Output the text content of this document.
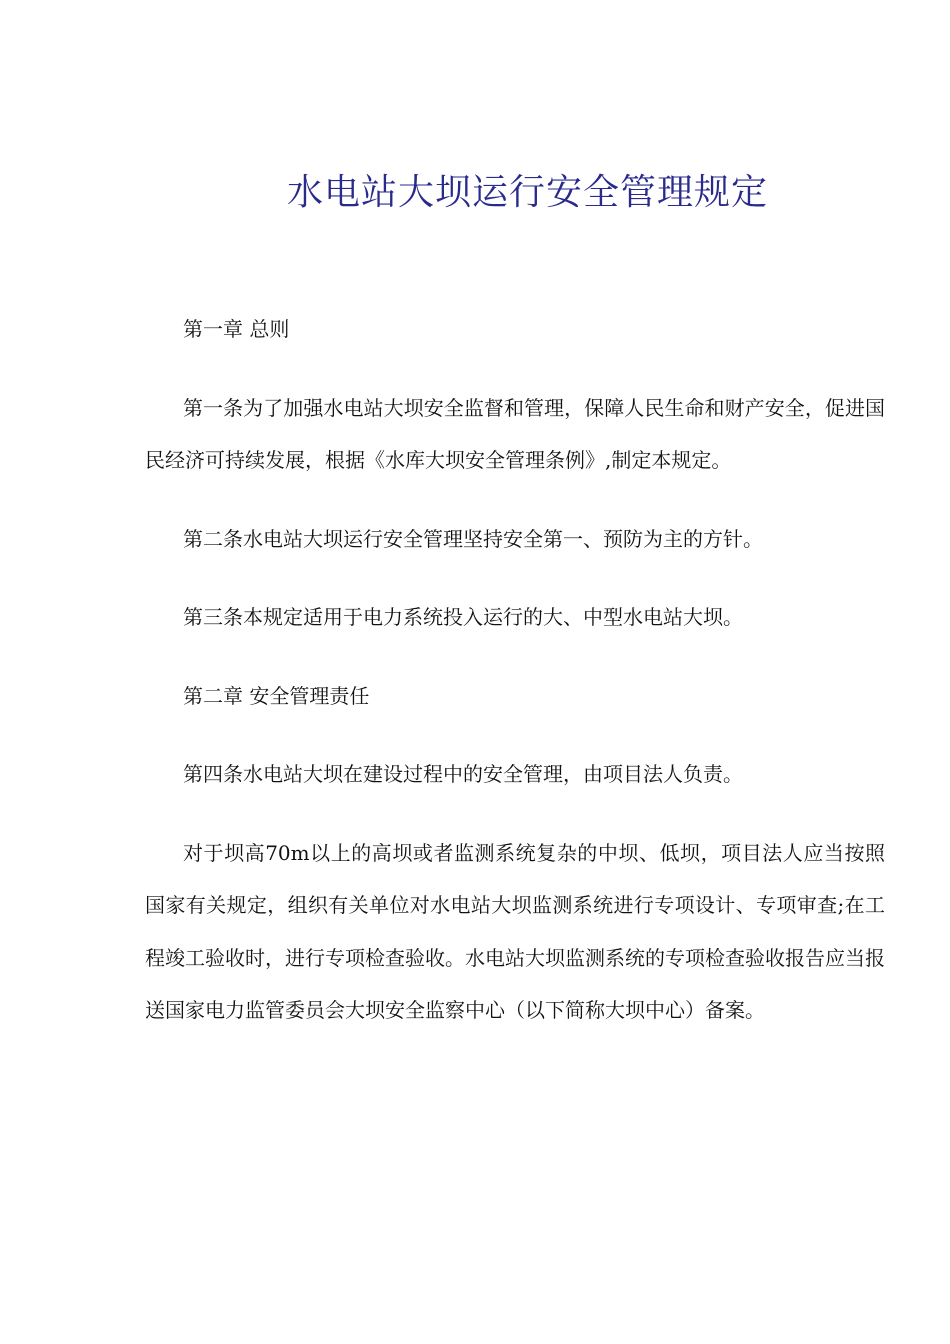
水电站大坝运行安全管理规定

第一章 总则

第一条为了加强水电站大坝安全监督和管理，保障人民生命和财产安全，促进国民经济可持续发展，根据《水库大坝安全管理条例》,制定本规定。

第二条水电站大坝运行安全管理坚持安全第一、预防为主的方针。

第三条本规定适用于电力系统投入运行的大、中型水电站大坝。

第二章 安全管理责任

第四条水电站大坝在建设过程中的安全管理，由项目法人负责。

对于坝高70m以上的高坝或者监测系统复杂的中坝、低坝，项目法人应当按照国家有关规定，组织有关单位对水电站大坝监测系统进行专项设计、专项审查;在工程竣工验收时，进行专项检查验收。水电站大坝监测系统的专项检查验收报告应当报送国家电力监管委员会大坝安全监察中心（以下简称大坝中心）备案。
